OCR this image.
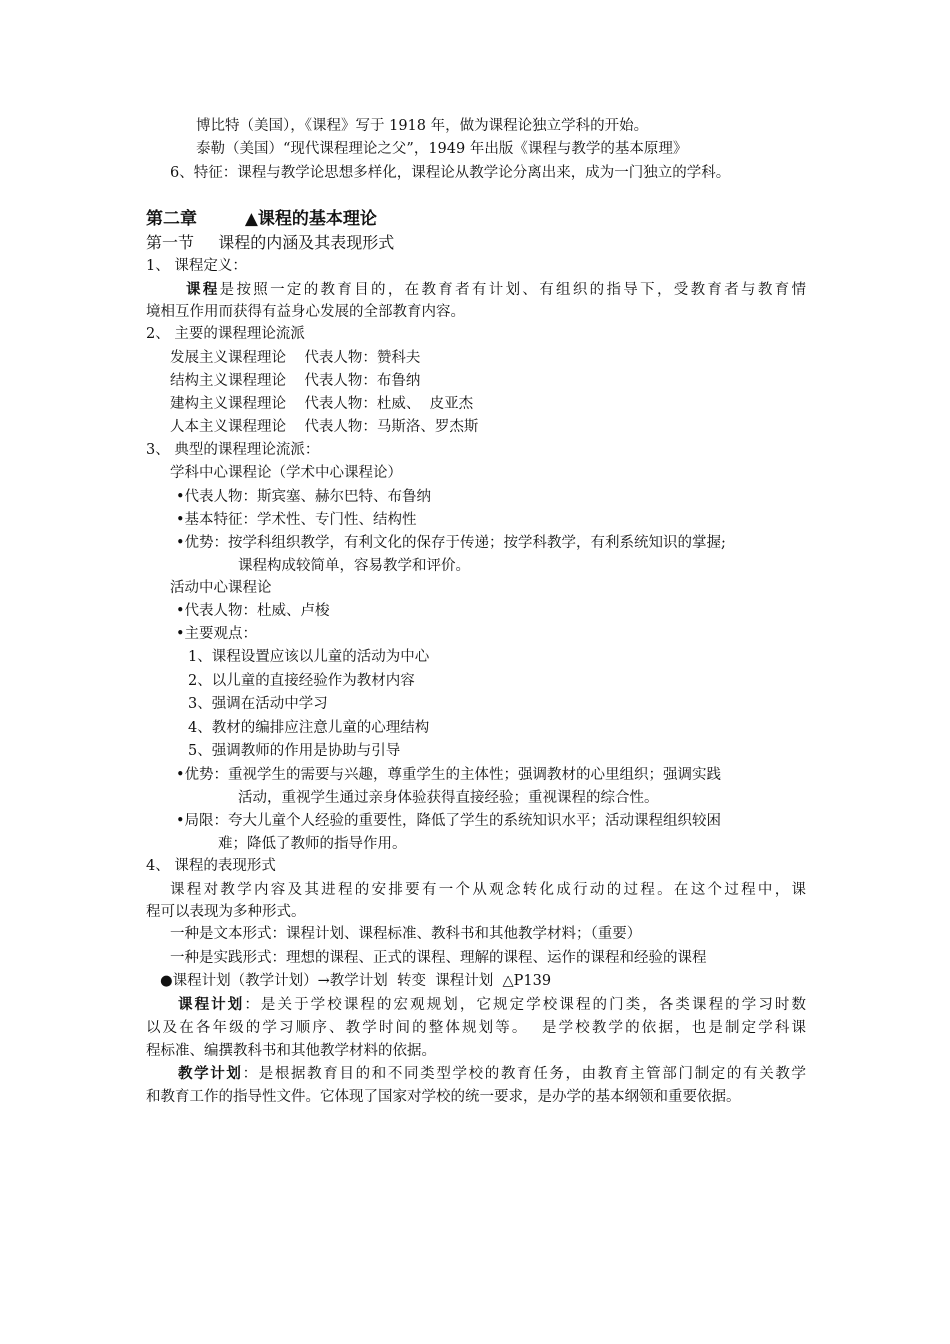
博比特（美国），《课程》写于 1918 年，做为课程论独立学科的开始。
泰勒（美国）“现代课程理论之父”，1949 年出版《课程与教学的基本原理》
6、特征：课程与教学论思想多样化，课程论从教学论分离出来，成为一门独立的学科。
第二章	▲课程的基本理论
第一节 课程的内涵及其表现形式
1、 课程定义：
课程是按照一定的教育目的，在教育者有计划、有组织的指导下，受教育者与教育情
境相互作用而获得有益身心发展的全部教育内容。
2、 主要的课程理论流派
发展主义课程理论    代表人物：赞科夫
结构主义课程理论    代表人物：布鲁纳
建构主义课程理论    代表人物：杜威、  皮亚杰
人本主义课程理论    代表人物：马斯洛、罗杰斯
3、 典型的课程理论流派：
学科中心课程论（学术中心课程论）
•代表人物：斯宾塞、赫尔巴特、布鲁纳
•基本特征：学术性、专门性、结构性
•优势：按学科组织教学，有利文化的保存于传递；按学科教学，有利系统知识的掌握;
课程构成较简单，容易教学和评价。
活动中心课程论
•代表人物：杜威、卢梭
•主要观点：
1、课程设置应该以儿童的活动为中心
2、以儿童的直接经验作为教材内容
3、强调在活动中学习
4、教材的编排应注意儿童的心理结构
5、强调教师的作用是协助与引导
•优势：重视学生的需要与兴趣，尊重学生的主体性；强调教材的心里组织；强调实践
活动，重视学生通过亲身体验获得直接经验；重视课程的综合性。
•局限：夸大儿童个人经验的重要性，降低了学生的系统知识水平；活动课程组织较困
难；降低了教师的指导作用。
4、 课程的表现形式
课程对教学内容及其进程的安排要有一个从观念转化成行动的过程。在这个过程中，课
程可以表现为多种形式。
一种是文本形式：课程计划、课程标准、教科书和其他教学材料；（重要）
一种是实践形式：理想的课程、正式的课程、理解的课程、运作的课程和经验的课程
●课程计划（教学计划）→教学计划  转变  课程计划  △P139
课程计划：是关于学校课程的宏观规划，它规定学校课程的门类，各类课程的学习时数
以及在各年级的学习顺序、教学时间的整体规划等。  是学校教学的依据，也是制定学科课
程标准、编撰教科书和其他教学材料的依据。
教学计划：是根据教育目的和不同类型学校的教育任务，由教育主管部门制定的有关教学
和教育工作的指导性文件。它体现了国家对学校的统一要求，是办学的基本纲领和重要依据。
